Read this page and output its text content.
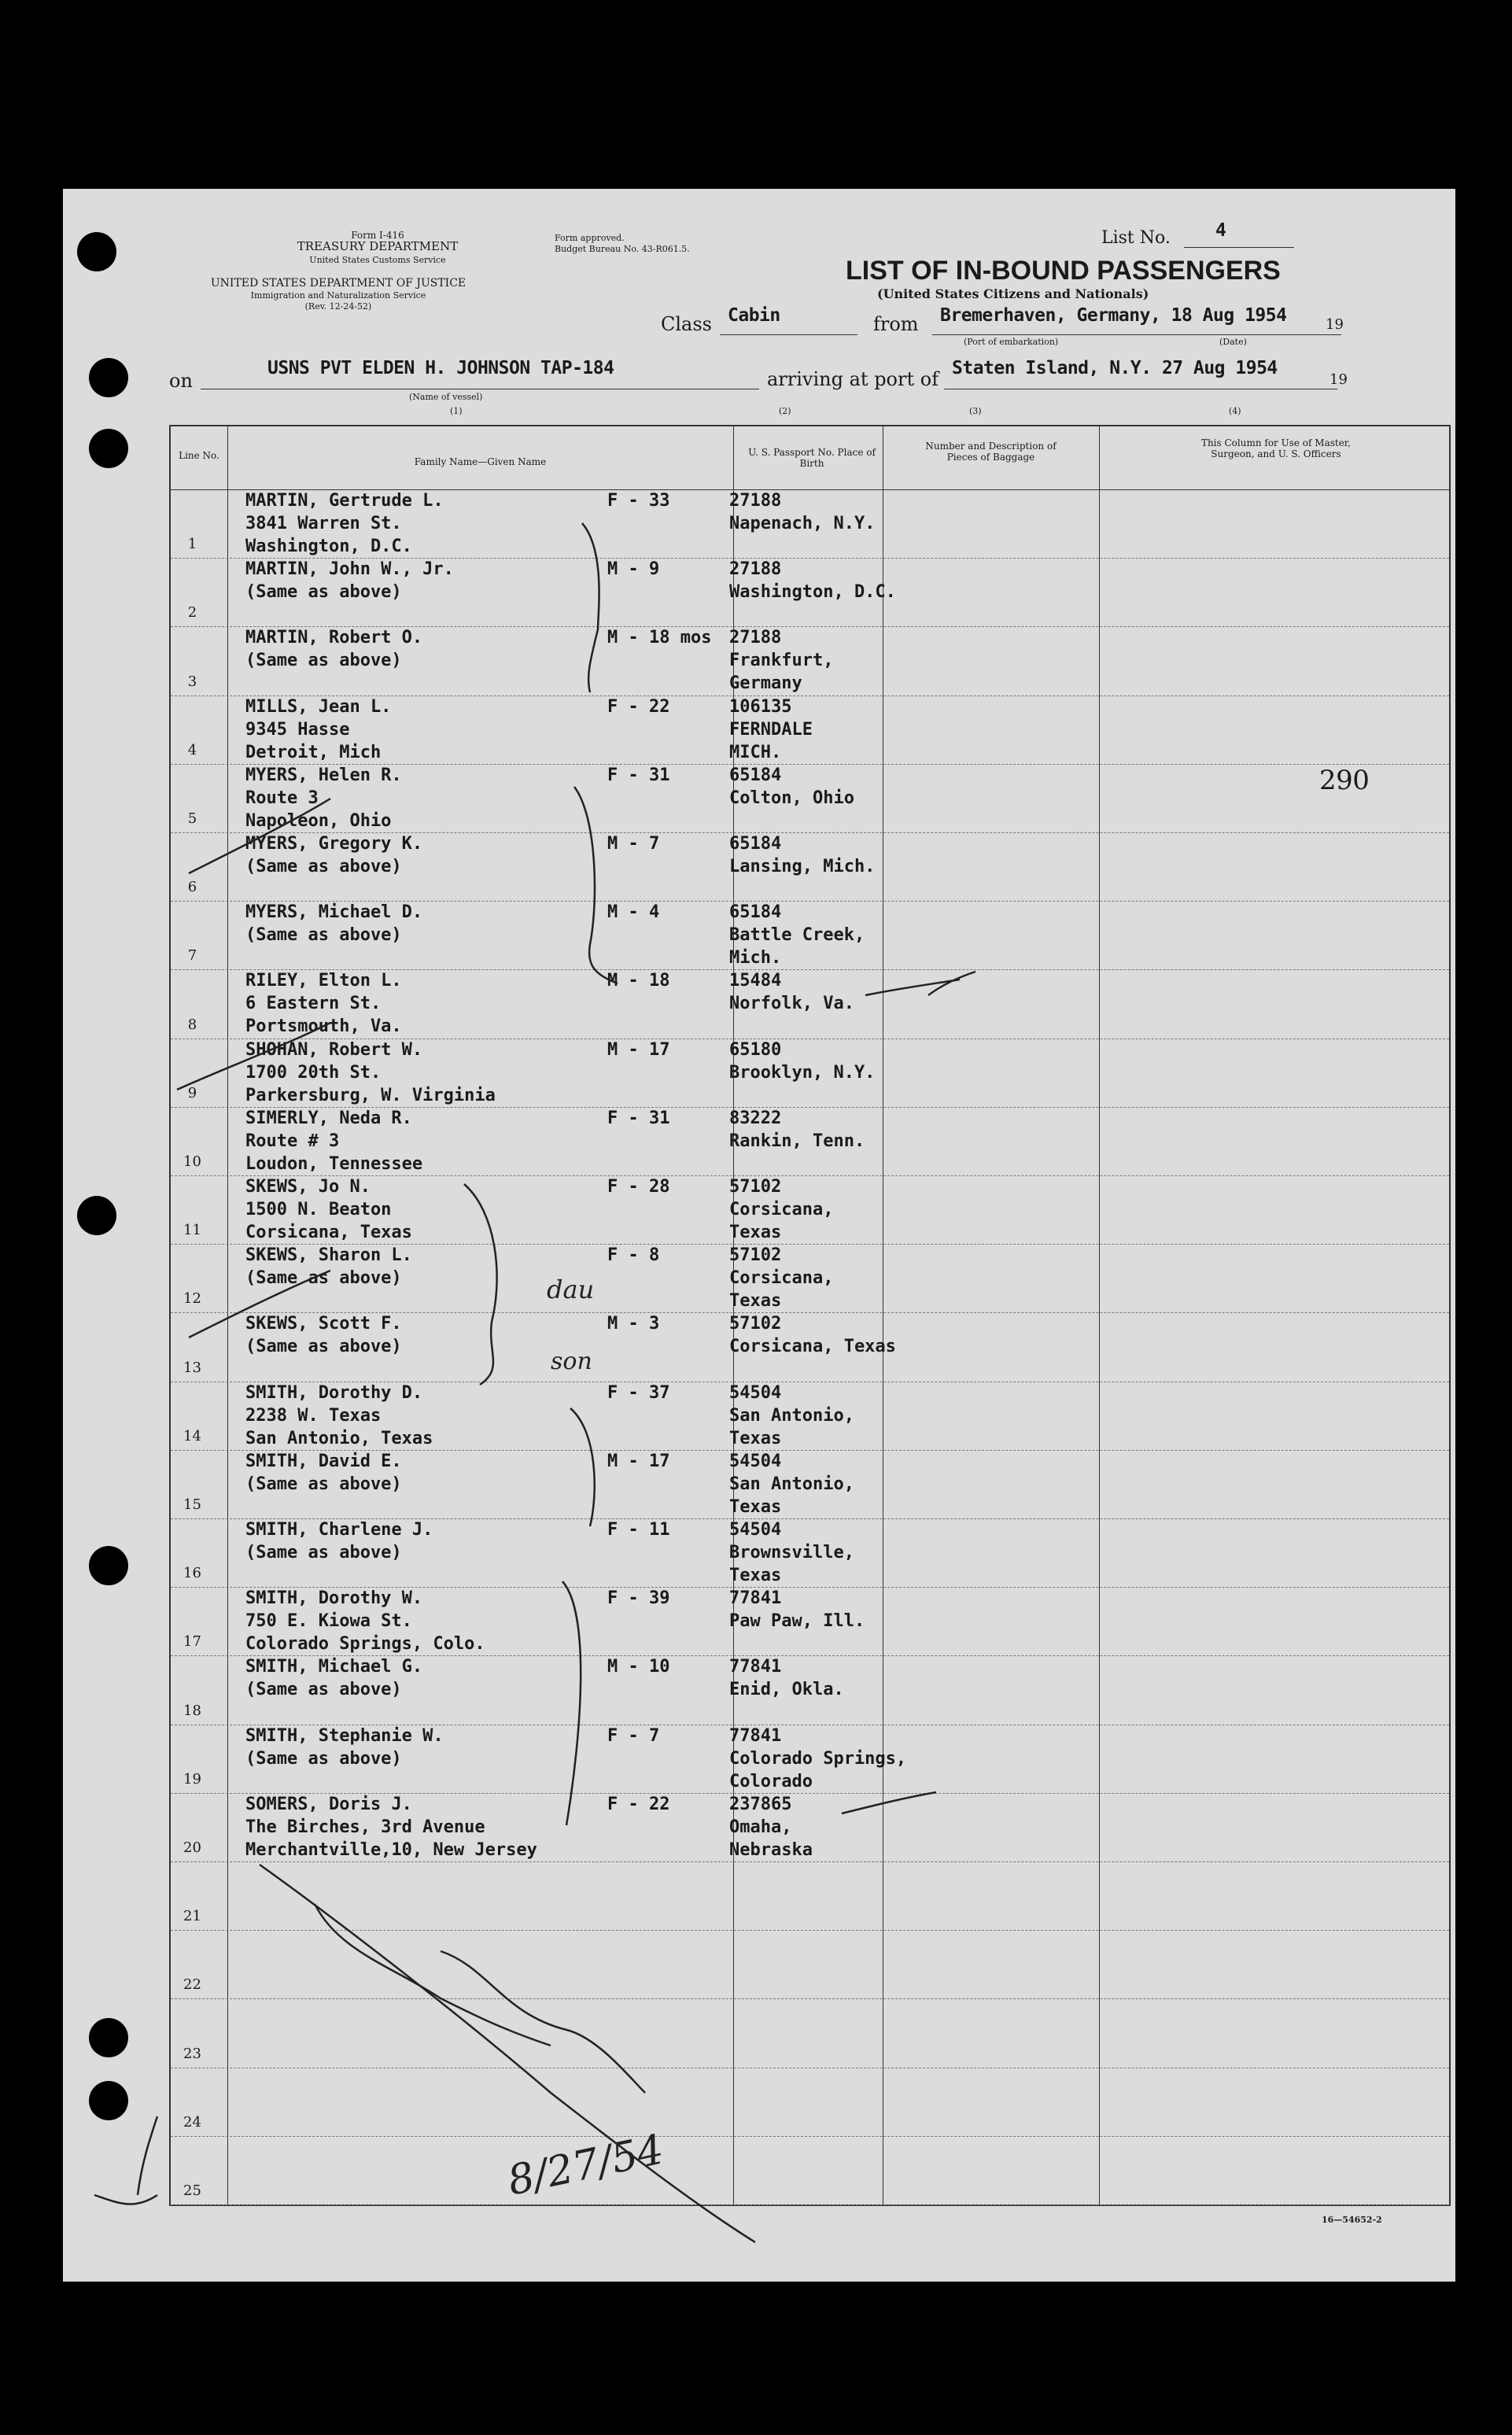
Form I-416
TREASURY DEPARTMENT
United States Customs Service
UNITED STATES DEPARTMENT OF JUSTICE
Immigration and Naturalization Service
(Rev. 12-24-52)
Form approved.
Budget Bureau No. 43-R061.5.
List No. 4
LIST OF IN-BOUND PASSENGERS
(United States Citizens and Nationals)
Class Cabin	from Bremerhaven, Germany, 18 Aug 1954	19
(Port of embarkation)	(Date)
on
USNS PVT ELDEN H. JOHNSON TAP-184
(Name of vessel)
arriving at port of Staten Island, N.Y. 27 Aug 1954
19
(1)	(2)	(3)	(4)
Line No.
Family Name—Given Name
U. S. Passport No. Place of Birth
Number and Description of Pieces of Baggage
This Column for Use of Master, Surgeon, and U. S. Officers
1
MARTIN, Gertrude L.
3841 Warren St.
Washington, D.C.
F - 33	27188
Napenach, N.Y.
2
MARTIN, John W., Jr.
(Same as above)
M - 9	27188
Washington, D.C.
3
MARTIN, Robert O.
(Same as above)
M - 18 mos 27188
Frankfurt,
Germany
4
MILLS, Jean L.
9345 Hasse
Detroit, Mich
F - 22	106135
FERNDALE
MICH.
5
MYERS, Helen R.
Route 3
Napoleon, Ohio
F - 31	65184
Colton, Ohio
6
MYERS, Gregory K.
(Same as above)
M - 7	65184
Lansing, Mich.
7
MYERS, Michael D.
(Same as above)
M - 4	65184
Battle Creek,
Mich.
8
RILEY, Elton L.
6 Eastern St.
Portsmouth, Va.
M - 18	15484
Norfolk, Va.
9
SHOHAN, Robert W.
1700 20th St.
Parkersburg, W. Virginia
M - 17	65180
Brooklyn, N.Y.
10
SIMERLY, Neda R.
Route # 3
Loudon, Tennessee
F - 31	83222
Rankin, Tenn.
11
SKEWS, Jo N.
1500 N. Beaton
Corsicana, Texas
F - 28	57102
Corsicana,
Texas
12
SKEWS, Sharon L.
(Same as above)
F - 8	57102
Corsicana,
Texas
13
SKEWS, Scott F.
(Same as above)
M - 3	57102
Corsicana, Texas
14
SMITH, Dorothy D.
2238 W. Texas
San Antonio, Texas
F - 37	54504
San Antonio,
Texas
15
SMITH, David E.
(Same as above)
M - 17	54504
San Antonio,
Texas
16
SMITH, Charlene J.
(Same as above)
F - 11	54504
Brownsville,
Texas
17
SMITH, Dorothy W.
750 E. Kiowa St.
Colorado Springs, Colo.
F - 39	77841
Paw Paw, Ill.
18
SMITH, Michael G.
(Same as above)
M - 10	77841
Enid, Okla.
19
SMITH, Stephanie W.
(Same as above)
F - 7	77841
Colorado Springs,
Colorado
20
SOMERS, Doris J.
The Birches, 3rd Avenue
Merchantville,10, New Jersey
F - 22	237865
Omaha,
Nebraska
21
22
23
24
25
290
16—54652-2
dau
son
8/27/54
